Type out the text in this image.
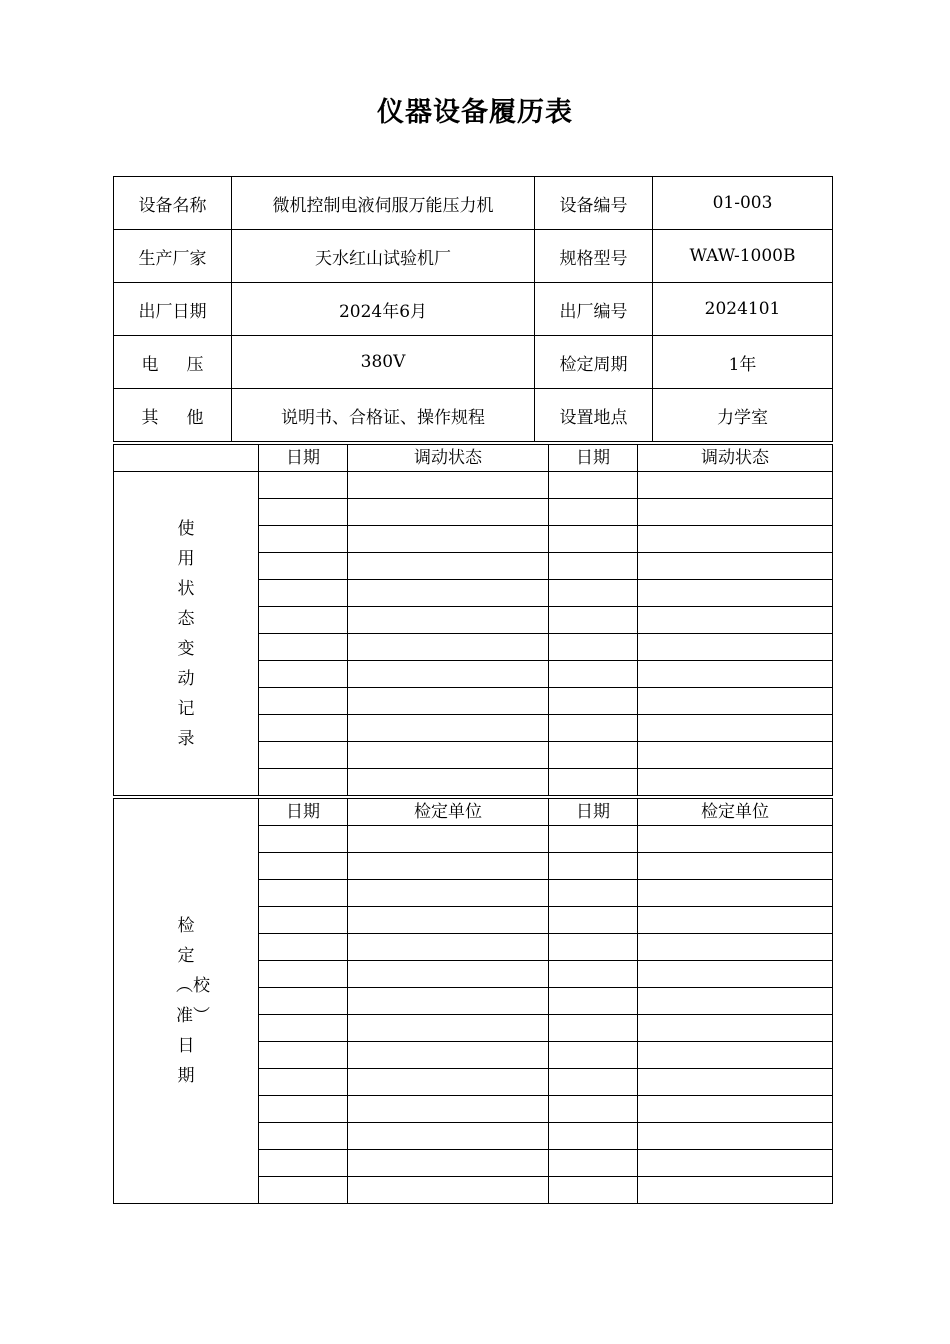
仪器设备履历表
设备名称	微机控制电液伺服万能压力机	设备编号	01-003
生产厂家	天水红山试验机厂	规格型号	WAW-1000B
出厂日期	2024年6月	出厂编号	2024101
电 压	380V	检定周期	1年
其 他	说明书、合格证、操作规程	设置地点	力学室
	日期	调动状态	日期	调动状态
使用状态变动记录				

检定︵校准︶日期	日期	检定单位	日期	检定单位
